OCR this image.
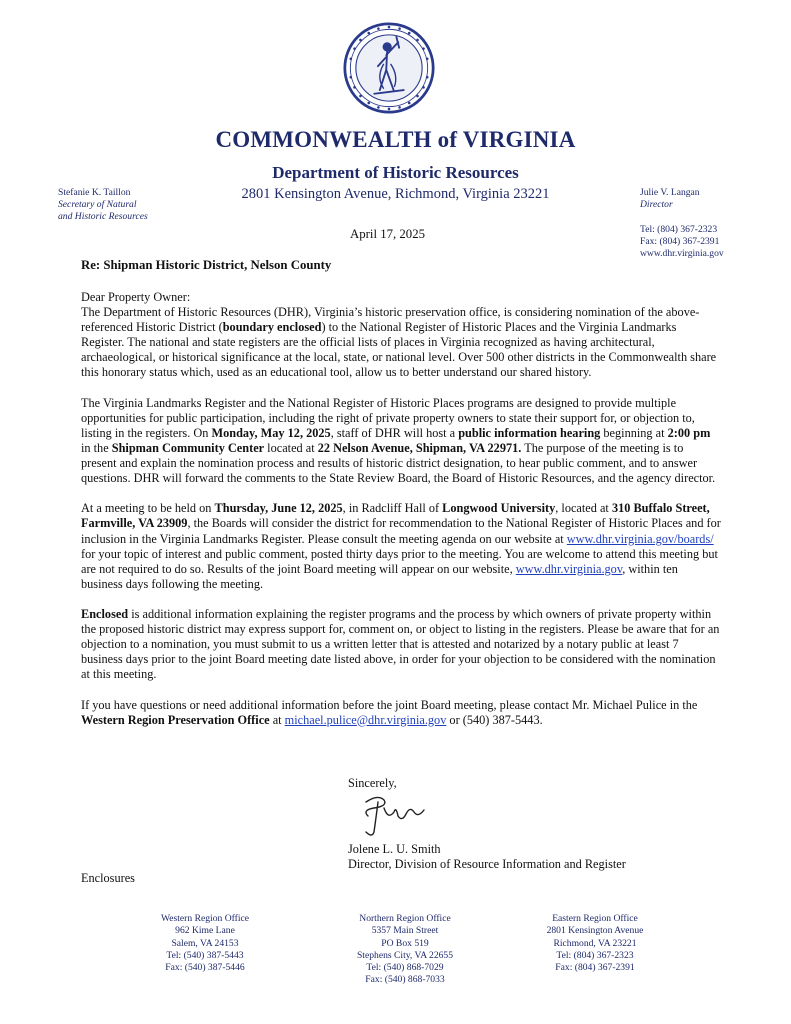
COMMONWEALTH of VIRGINIA
Department of Historic Resources
2801 Kensington Avenue, Richmond, Virginia 23221
Stefanie K. Taillon
Secretary of Natural
and Historic Resources
Julie V. Langan
Director
Tel: (804) 367-2323
Fax: (804) 367-2391
www.dhr.virginia.gov
April 17, 2025
Re: Shipman Historic District, Nelson County
Dear Property Owner:

The Department of Historic Resources (DHR), Virginia’s historic preservation office, is considering nomination of the above-referenced Historic District (boundary enclosed) to the National Register of Historic Places and the Virginia Landmarks Register. The national and state registers are the official lists of places in Virginia recognized as having architectural, archaeological, or historical significance at the local, state, or national level. Over 500 other districts in the Commonwealth share this honorary status which, used as an educational tool, allow us to better understand our shared history.

The Virginia Landmarks Register and the National Register of Historic Places programs are designed to provide multiple opportunities for public participation, including the right of private property owners to state their support for, or objection to, listing in the registers. On Monday, May 12, 2025, staff of DHR will host a public information hearing beginning at 2:00 pm in the Shipman Community Center located at 22 Nelson Avenue, Shipman, VA 22971. The purpose of the meeting is to present and explain the nomination process and results of historic district designation, to hear public comment, and to answer questions. DHR will forward the comments to the State Review Board, the Board of Historic Resources, and the agency director.

At a meeting to be held on Thursday, June 12, 2025, in Radcliff Hall of Longwood University, located at 310 Buffalo Street, Farmville, VA 23909, the Boards will consider the district for recommendation to the National Register of Historic Places and for inclusion in the Virginia Landmarks Register. Please consult the meeting agenda on our website at www.dhr.virginia.gov/boards/ for your topic of interest and public comment, posted thirty days prior to the meeting. You are welcome to attend this meeting but are not required to do so. Results of the joint Board meeting will appear on our website, www.dhr.virginia.gov, within ten business days following the meeting.

Enclosed is additional information explaining the register programs and the process by which owners of private property within the proposed historic district may express support for, comment on, or object to listing in the registers. Please be aware that for an objection to a nomination, you must submit to us a written letter that is attested and notarized by a notary public at least 7 business days prior to the joint Board meeting date listed above, in order for your objection to be considered with the nomination at this meeting.

If you have questions or need additional information before the joint Board meeting, please contact Mr. Michael Pulice in the Western Region Preservation Office at michael.pulice@dhr.virginia.gov or (540) 387-5443.

Sincerely,
Jolene L. U. Smith
Director, Division of Resource Information and Register
Enclosures
Western Region Office
962 Kime Lane
Salem, VA 24153
Tel: (540) 387-5443
Fax: (540) 387-5446
Northern Region Office
5357 Main Street
PO Box 519
Stephens City, VA 22655
Tel: (540) 868-7029
Fax: (540) 868-7033
Eastern Region Office
2801 Kensington Avenue
Richmond, VA 23221
Tel: (804) 367-2323
Fax: (804) 367-2391
